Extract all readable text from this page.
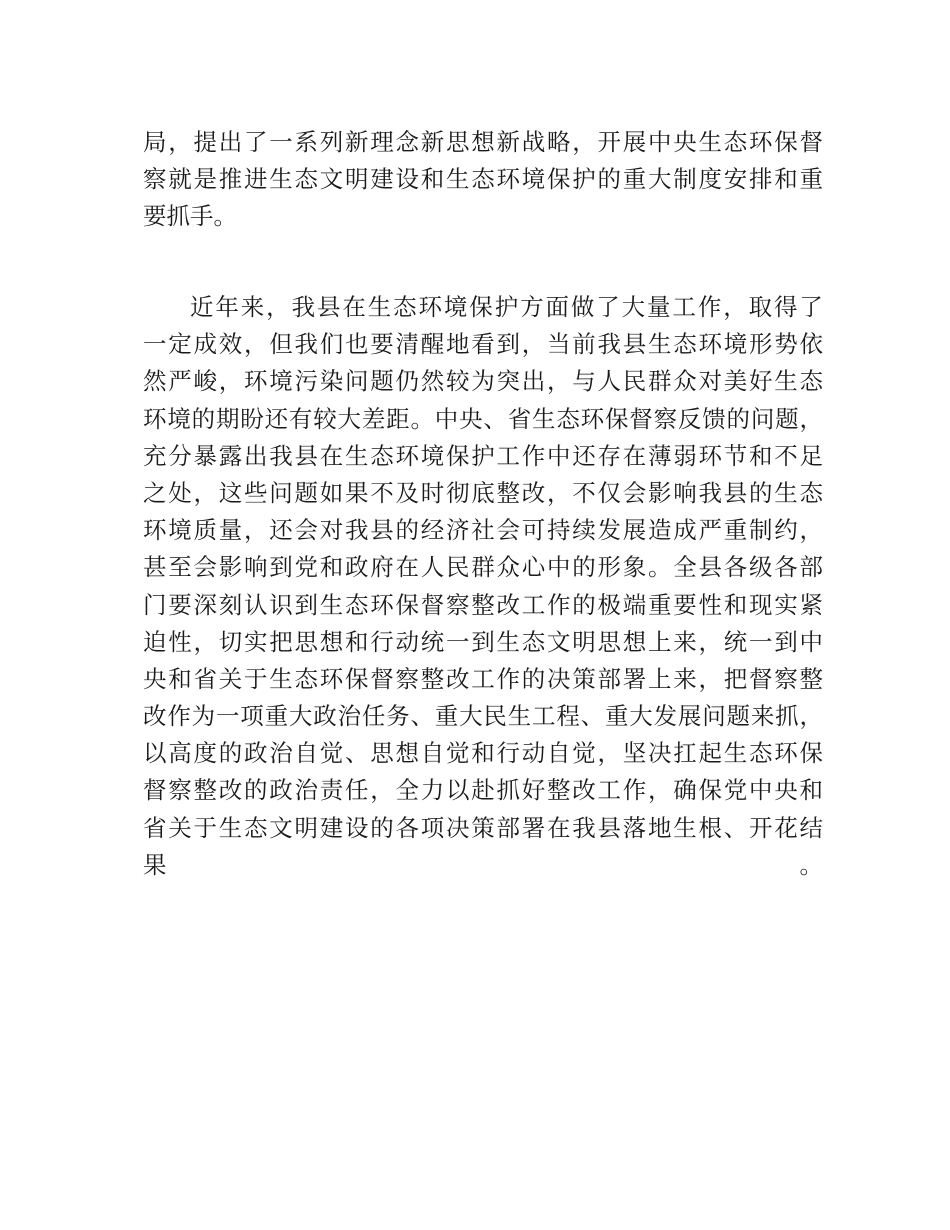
局 ， 提 出 了 一 系 列 新 理 念 新 思 想 新 战 略 ， 开 展 中 央 生 态 环 保 督
察 就 是 推 进 生 态 文 明 建 设 和 生 态 环 境 保 护 的 重 大 制 度 安 排 和 重
要抓手。
近 年 来 ， 我 县 在 生 态 环 境 保 护 方 面 做 了 大 量 工 作 ， 取 得 了
一 定 成 效 ， 但 我 们 也 要 清 醒 地 看 到 ， 当 前 我 县 生 态 环 境 形 势 依
然 严 峻 ， 环 境 污 染 问 题 仍 然 较 为 突 出 ， 与 人 民 群 众 对 美 好 生 态
环 境 的 期 盼 还 有 较 大 差 距 。 中 央 、 省 生 态 环 保 督 察 反 馈 的 问 题 ，
充 分 暴 露 出 我 县 在 生 态 环 境 保 护 工 作 中 还 存 在 薄 弱 环 节 和 不 足
之 处 ， 这 些 问 题 如 果 不 及 时 彻 底 整 改 ， 不 仅 会 影 响 我 县 的 生 态
环 境 质 量 ， 还 会 对 我 县 的 经 济 社 会 可 持 续 发 展 造 成 严 重 制 约 ，
甚 至 会 影 响 到 党 和 政 府 在 人 民 群 众 心 中 的 形 象 。 全 县 各 级 各 部
门 要 深 刻 认 识 到 生 态 环 保 督 察 整 改 工 作 的 极 端 重 要 性 和 现 实 紧
迫 性 ， 切 实 把 思 想 和 行 动 统 一 到 生 态 文 明 思 想 上 来 ， 统 一 到 中
央 和 省 关 于 生 态 环 保 督 察 整 改 工 作 的 决 策 部 署 上 来 ， 把 督 察 整
改 作 为 一 项 重 大 政 治 任 务 、 重 大 民 生 工 程 、 重 大 发 展 问 题 来 抓 ，
以 高 度 的 政 治 自 觉 、 思 想 自 觉 和 行 动 自 觉 ， 坚 决 扛 起 生 态 环 保
督 察 整 改 的 政 治 责 任 ， 全 力 以 赴 抓 好 整 改 工 作 ， 确 保 党 中 央 和
省 关 于 生 态 文 明 建 设 的 各 项 决 策 部 署 在 我 县 落 地 生 根 、 开 花 结
果	。
